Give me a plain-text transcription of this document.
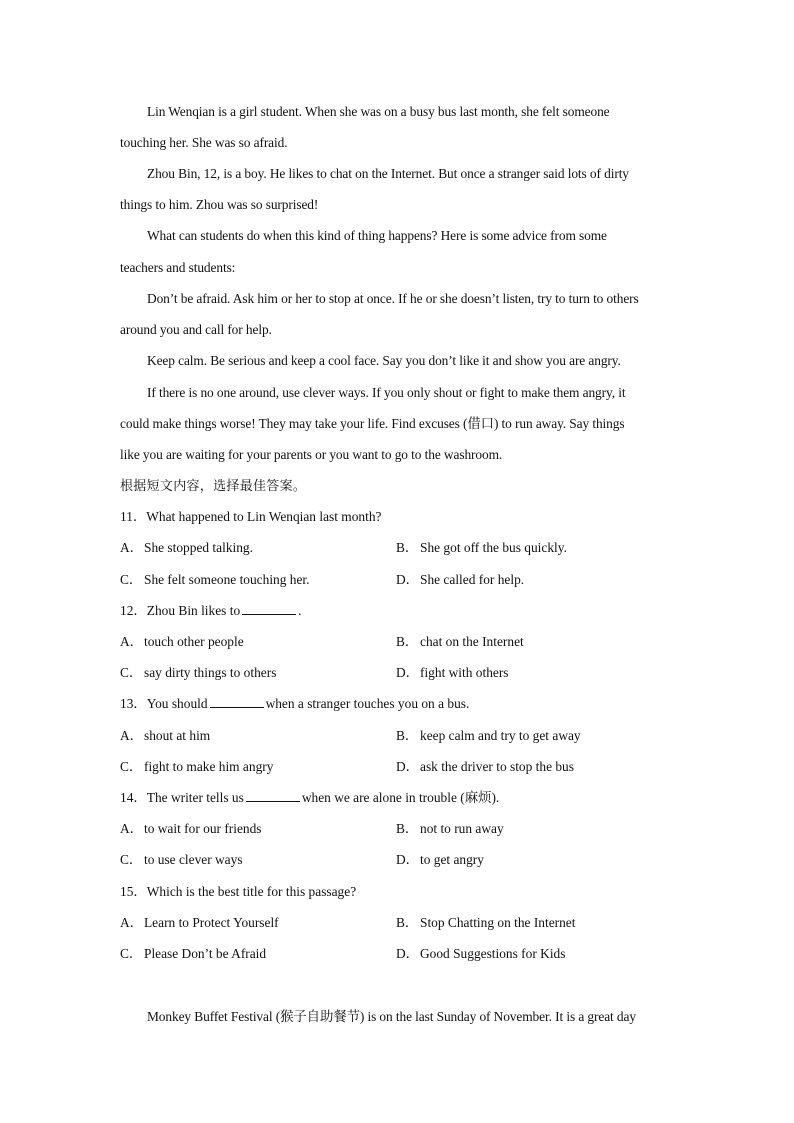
Lin Wenqian is a girl student. When she was on a busy bus last month, she felt someone
touching her. She was so afraid.
Zhou Bin, 12, is a boy. He likes to chat on the Internet. But once a stranger said lots of dirty
things to him. Zhou was so surprised!
What can students do when this kind of thing happens? Here is some advice from some
teachers and students:
Don’t be afraid. Ask him or her to stop at once. If he or she doesn’t listen, try to turn to others
around you and call for help.
Keep calm. Be serious and keep a cool face. Say you don’t like it and show you are angry.
If there is no one around, use clever ways. If you only shout or fight to make them angry, it
could make things worse! They may take your life. Find excuses (借口) to run away. Say things
like you are waiting for your parents or you want to go to the washroom.
根据短文内容，选择最佳答案。
11．What happened to Lin Wenqian last month?
A．She stopped talking.	B． She got off the bus quickly.
C． She felt someone touching her.	D．She called for help.
12．Zhou Bin likes to	.
A．touch other people	B． chat on the Internet
C． say dirty things to others	D．fight with others
13．You should	when a stranger touches you on a bus.
A．shout at him	B． keep calm and try to get away
C． fight to make him angry	D．ask the driver to stop the bus
14．The writer tells us	when we are alone in trouble (麻烦).
A．to wait for our friends	B． not to run away
C． to use clever ways	D．to get angry
15．Which is the best title for this passage?
A．Learn to Protect Yourself	B． Stop Chatting on the Internet
C． Please Don’t be Afraid	D．Good Suggestions for Kids
Monkey Buffet Festival (猴子自助餐节) is on the last Sunday of November. It is a great day
